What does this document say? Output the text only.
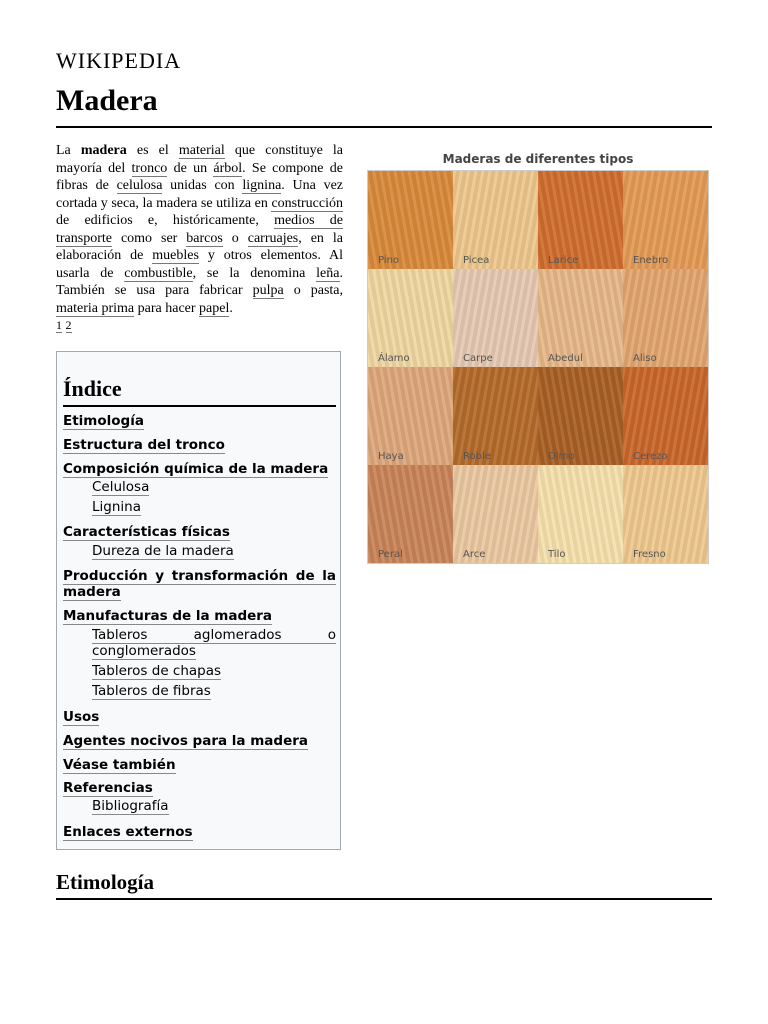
WIKIPEDIA
Madera

La madera es el material que constituye la mayoría del tronco de un árbol. Se compone de fibras de celulosa unidas con lignina. Una vez cortada y seca, la madera se utiliza en construcción de edificios e, históricamente, medios de transporte como ser barcos o carruajes, en la elaboración de muebles y otros elementos. Al usarla de combustible, se la denomina leña. También se usa para fabricar pulpa o pasta, materia prima para hacer papel.
1 2

Índice
Etimología
Estructura del tronco
Composición química de la madera
Celulosa
Lignina
Características físicas
Dureza de la madera
Producción y transformación de la madera
Manufacturas de la madera
Tableros aglomerados o conglomerados
Tableros de chapas
Tableros de fibras
Usos
Agentes nocivos para la madera
Véase también
Referencias
Bibliografía
Enlaces externos
Maderas de diferentes tipos
Pino	Picea	Larice	Enebro
Álamo	Carpe	Abedul	Aliso
Haya	Roble	Olmo	Cerezo
Peral	Arce	Tilo	Fresno
Etimología
